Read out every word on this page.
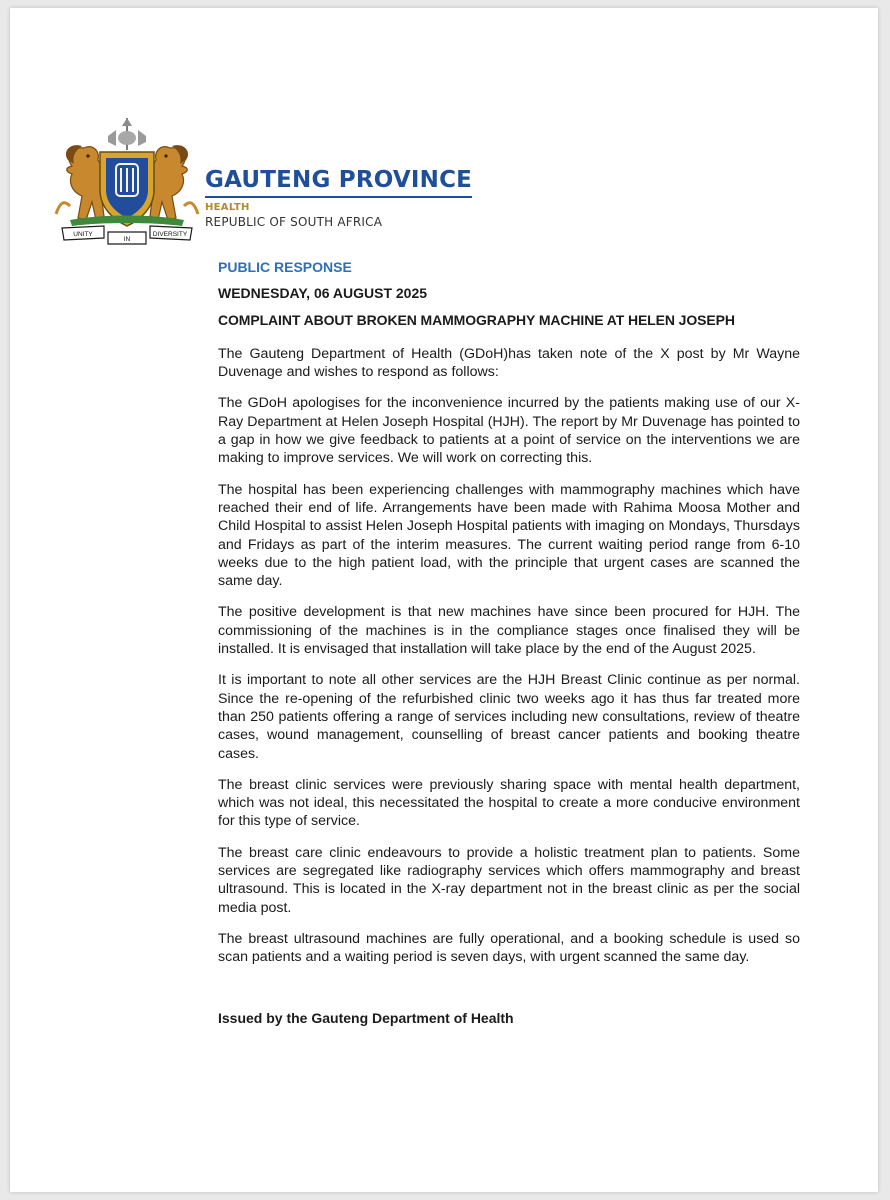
UNITY
IN
DIVERSITY
GAUTENG PROVINCE
HEALTH
REPUBLIC OF SOUTH AFRICA

PUBLIC RESPONSE

WEDNESDAY, 06 AUGUST 2025

COMPLAINT ABOUT BROKEN MAMMOGRAPHY MACHINE AT HELEN JOSEPH

The Gauteng Department of Health (GDoH)has taken note of the X post by Mr Wayne Duvenage and wishes to respond as follows:

The GDoH apologises for the inconvenience incurred by the patients making use of our X-Ray Department at Helen Joseph Hospital (HJH). The report by Mr Duvenage has pointed to a gap in how we give feedback to patients at a point of service on the interventions we are making to improve services. We will work on correcting this.

The hospital has been experiencing challenges with mammography machines which have reached their end of life. Arrangements have been made with Rahima Moosa Mother and Child Hospital to assist Helen Joseph Hospital patients with imaging on Mondays, Thursdays and Fridays as part of the interim measures. The current waiting period range from 6-10 weeks due to the high patient load, with the principle that urgent cases are scanned the same day.

The positive development is that new machines have since been procured for HJH. The commissioning of the machines is in the compliance stages once finalised they will be installed. It is envisaged that installation will take place by the end of the August 2025.

It is important to note all other services are the HJH Breast Clinic continue as per normal. Since the re-opening of the refurbished clinic two weeks ago it has thus far treated more than 250 patients offering a range of services including new consultations, review of theatre cases, wound management, counselling of breast cancer patients and booking theatre cases.

The breast clinic services were previously sharing space with mental health department, which was not ideal, this necessitated the hospital to create a more conducive environment for this type of service.

The breast care clinic endeavours to provide a holistic treatment plan to patients. Some services are segregated like radiography services which offers mammography and breast ultrasound. This is located in the X-ray department not in the breast clinic as per the social media post.

The breast ultrasound machines are fully operational, and a booking schedule is used so scan patients and a waiting period is seven days, with urgent scanned the same day.

Issued by the Gauteng Department of Health
